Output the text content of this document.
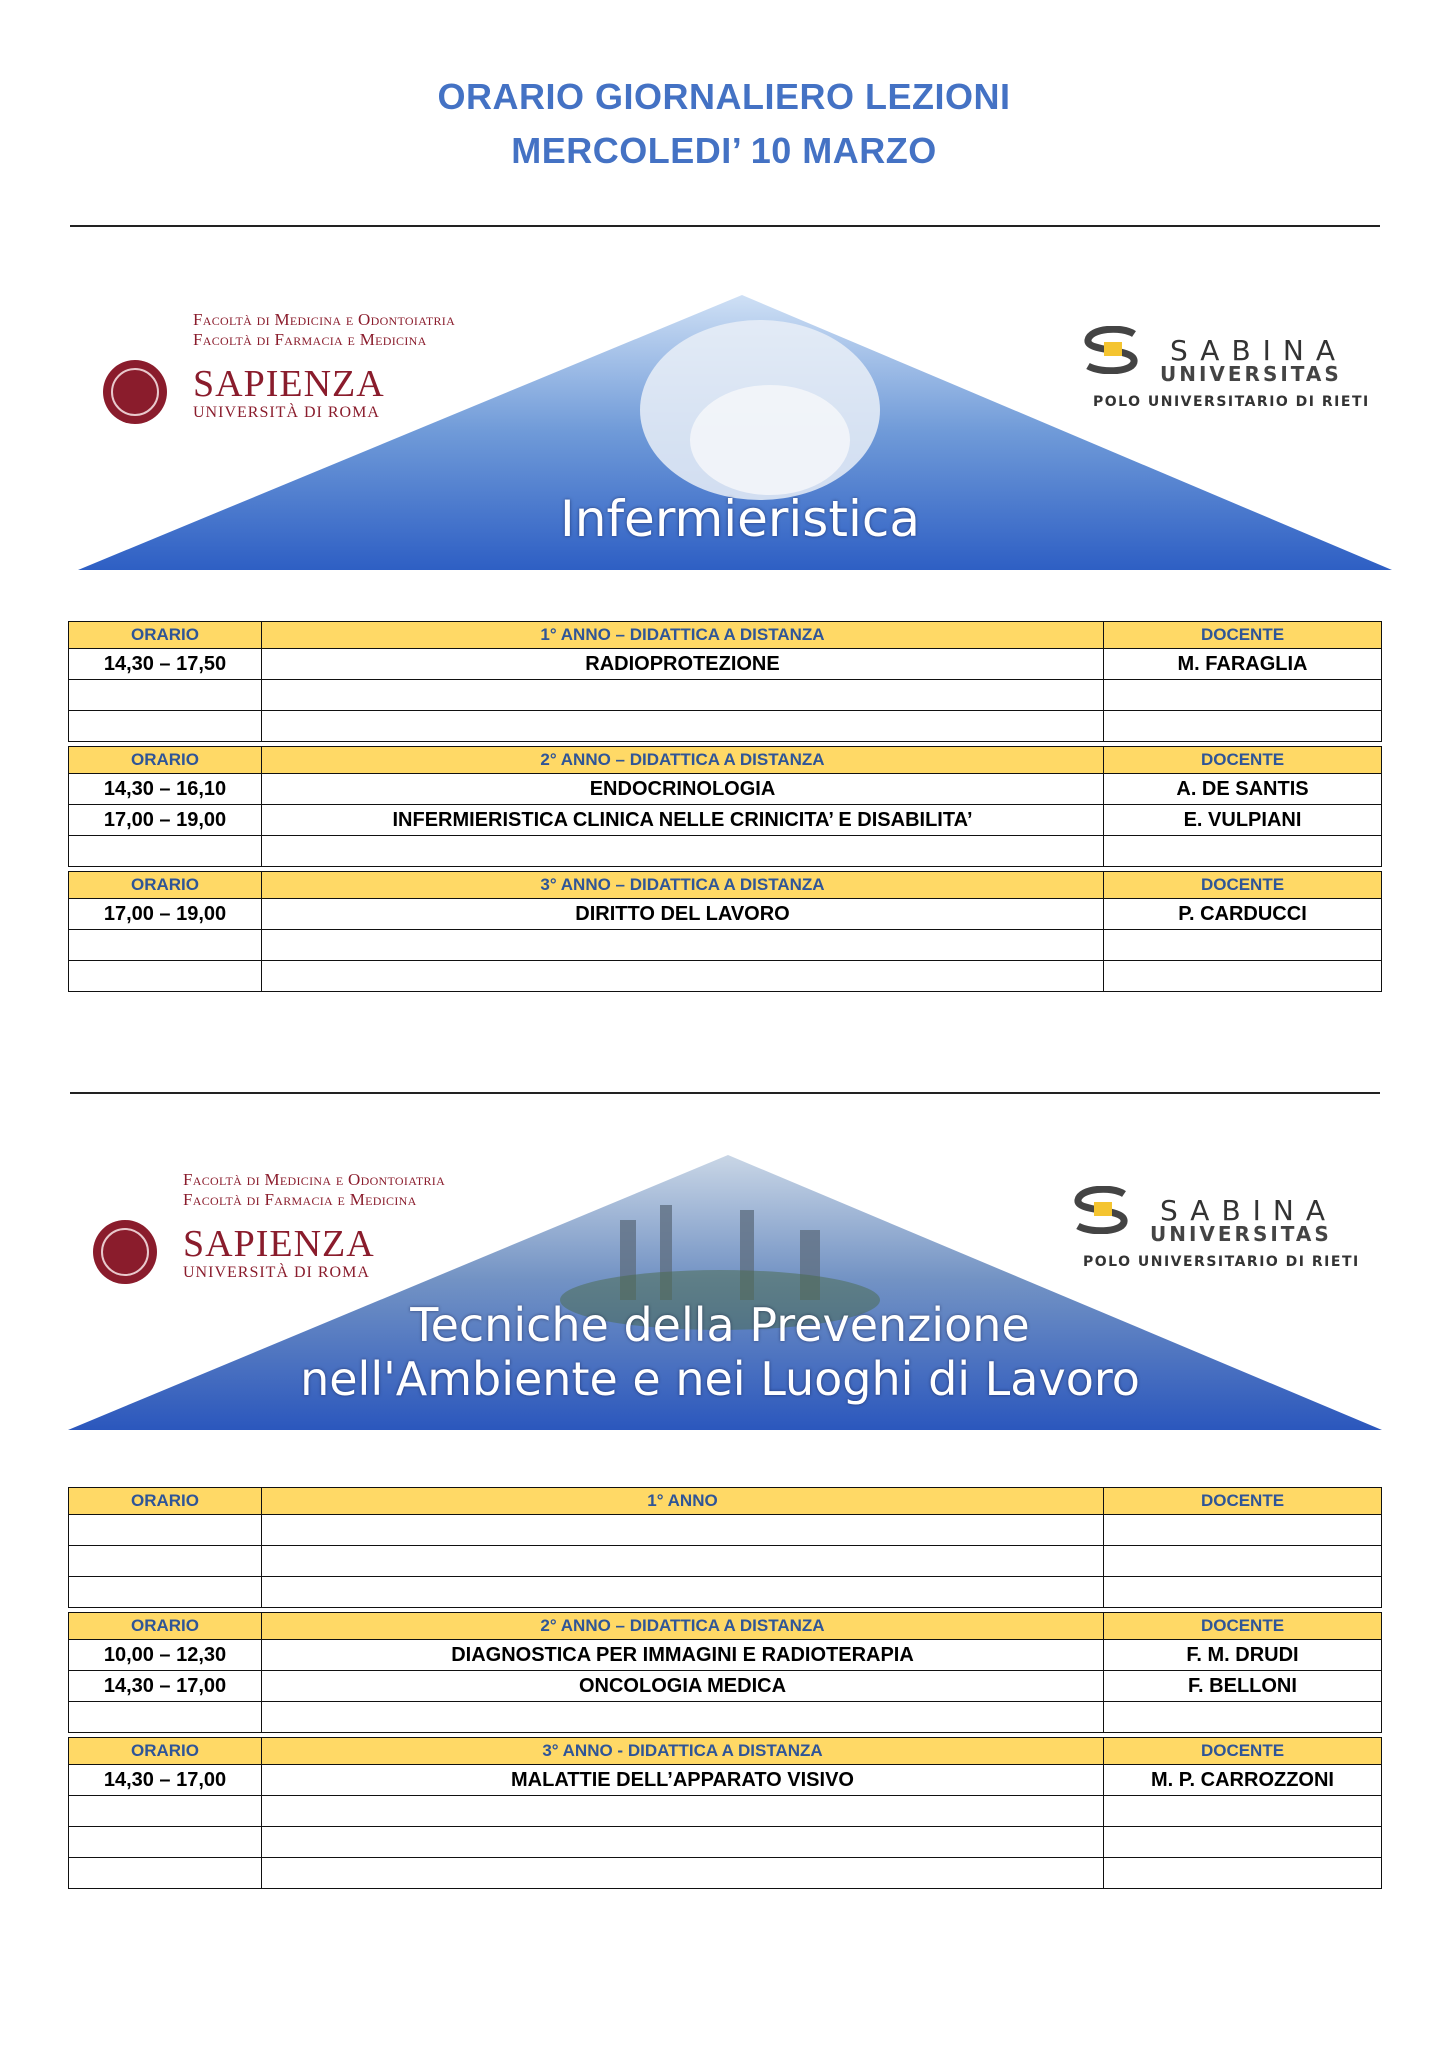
ORARIO GIORNALIERO LEZIONI
MERCOLEDI’ 10 MARZO
Facoltà di Medicina e Odontoiatria
Facoltà di Farmacia e Medicina
SAPIENZA
UNIVERSITÀ DI ROMA
SABINA
UNIVERSITAS
POLO UNIVERSITARIO DI RIETI
Infermieristica
ORARIO	1° ANNO – DIDATTICA A DISTANZA	DOCENTE
14,30 – 17,50	RADIOPROTEZIONE	M. FARAGLIA

ORARIO	2° ANNO – DIDATTICA A DISTANZA	DOCENTE
14,30 – 16,10	ENDOCRINOLOGIA	A. DE SANTIS
17,00 – 19,00	INFERMIERISTICA CLINICA NELLE CRINICITA’ E DISABILITA’	E. VULPIANI

ORARIO	3° ANNO – DIDATTICA A DISTANZA	DOCENTE
17,00 – 19,00	DIRITTO DEL LAVORO	P. CARDUCCI

Facoltà di Medicina e Odontoiatria
Facoltà di Farmacia e Medicina
SAPIENZA
UNIVERSITÀ DI ROMA
SABINA
UNIVERSITAS
POLO UNIVERSITARIO DI RIETI
Tecniche della Prevenzione
nell'Ambiente e nei Luoghi di Lavoro
ORARIO	1° ANNO	DOCENTE

ORARIO	2° ANNO – DIDATTICA A DISTANZA	DOCENTE
10,00 – 12,30	DIAGNOSTICA PER IMMAGINI E RADIOTERAPIA	F. M. DRUDI
14,30 – 17,00	ONCOLOGIA MEDICA	F. BELLONI

ORARIO	3° ANNO - DIDATTICA A DISTANZA	DOCENTE
14,30 – 17,00	MALATTIE DELL’APPARATO VISIVO	M. P. CARROZZONI
